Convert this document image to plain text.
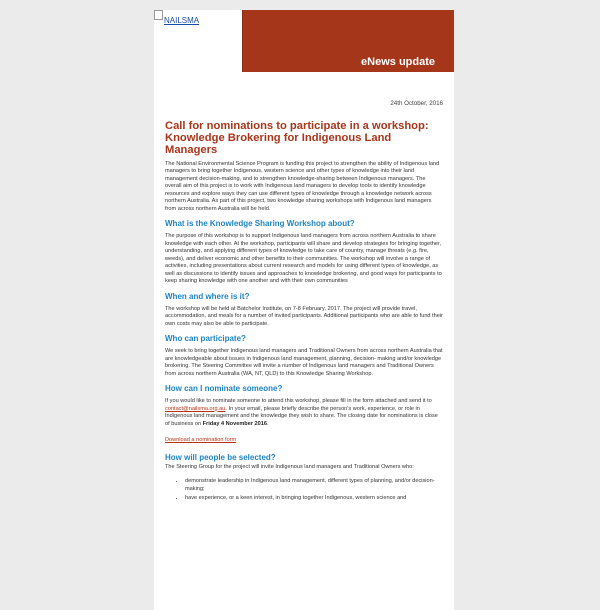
NAILSMA
eNews update
24th October, 2016
Call for nominations to participate in a workshop: Knowledge Brokering for Indigenous Land Managers

The National Environmental Science Program is funding this project to strengthen the ability of Indigenous land managers to bring together Indigenous, western science and other types of knowledge into their land management decision-making, and to strengthen knowledge-sharing between Indigenous managers. The overall aim of this project is to work with Indigenous land managers to develop tools to identify knowledge resources and explore ways they can use different types of knowledge through a knowledge network across northern Australia. As part of this project, two knowledge sharing workshops with Indigenous land managers from across northern Australia will be held.

What is the Knowledge Sharing Workshop about?

The purpose of this workshop is to support Indigenous land managers from across northern Australia to share knowledge with each other. At the workshop, participants will share and develop strategies for bringing together, understanding, and applying different types of knowledge to take care of country, manage threats (e.g. fire, weeds), and deliver economic and other benefits to their communities. The workshop will involve a range of activities, including presentations about current research and models for using different types of knowledge, as well as discussions to identify issues and approaches to knowledge brokering, and good ways for participants to keep sharing knowledge with one another and with their own communities

When and where is it?

The workshop will be held at Batchelor Institute, on 7-8 February, 2017. The project will provide travel, accommodation, and meals for a number of invited participants. Additional participants who are able to fund their own costs may also be able to participate.

Who can participate?

We seek to bring together Indigenous land managers and Traditional Owners from across northern Australia that are knowledgeable about issues in Indigenous land management, planning, decision- making and/or knowledge brokering. The Steering Committee will invite a number of Indigenous land managers and Traditional Owners from across northern Australia (WA, NT, QLD) to this Knowledge Sharing Workshop.

How can I nominate someone?

If you would like to nominate someone to attend this workshop, please fill in the form attached and send it to contact@nailsma.org.au. In your email, please briefly describe the person's work, experience, or role in Indigenous land management and the knowledge they wish to share. The closing date for nominations is close of business on Friday 4 November 2016.

Download a nomination form

How will people be selected?

The Steering Group for the project will invite Indigenous land managers and Traditional Owners who:

• demonstrate leadership in Indigenous land management, different types of planning, and/or decision-making;
• have experience, or a keen interest, in bringing together Indigenous, western science and
